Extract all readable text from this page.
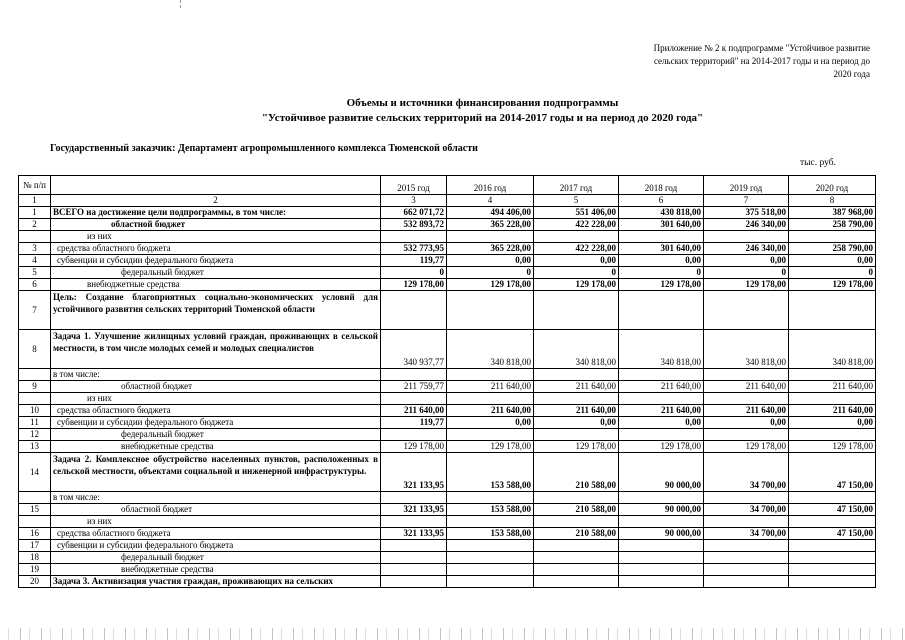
Приложение № 2 к подпрограмме "Устойчивое развитие
сельских территорий" на 2014-2017 годы и на период до
2020 года
Объемы и источники финансирования подпрограммы
"Устойчивое развитие сельских территорий на 2014-2017 годы и на период до 2020 года"
Государственный заказчик: Департамент агропромышленного комплекса Тюменской области
тыс. руб.
№ п/п		2015 год	2016 год	2017 год	2018 год	2019 год	2020 год
1	2	3	4	5	6	7	8
1	ВСЕГО на достижение цели подпрограммы, в том числе:	662 071,72	494 406,00	551 406,00	430 818,00	375 518,00	387 968,00
2	областной бюджет	532 893,72	365 228,00	422 228,00	301 640,00	246 340,00	258 790,00
	из них						
3	средства областного бюджета	532 773,95	365 228,00	422 228,00	301 640,00	246 340,00	258 790,00
4	субвенции и субсидии федерального бюджета	119,77	0,00	0,00	0,00	0,00	0,00
5	федеральный бюджет	0	0	0	0	0	0
6	внебюджетные средства	129 178,00	129 178,00	129 178,00	129 178,00	129 178,00	129 178,00
7	Цель: Создание благоприятных социально-экономических условий для устойчивого развития сельских территорий Тюменской области						
8	Задача 1. Улучшение жилищных условий граждан, проживающих в сельской местности, в том числе молодых семей и молодых специалистов	340 937,77	340 818,00	340 818,00	340 818,00	340 818,00	340 818,00
	в том числе:						
9	областной бюджет	211 759,77	211 640,00	211 640,00	211 640,00	211 640,00	211 640,00
	из них						
10	средства областного бюджета	211 640,00	211 640,00	211 640,00	211 640,00	211 640,00	211 640,00
11	субвенции и субсидии федерального бюджета	119,77	0,00	0,00	0,00	0,00	0,00
12	федеральный бюджет						
13	внебюджетные средства	129 178,00	129 178,00	129 178,00	129 178,00	129 178,00	129 178,00
14	Задача 2. Комплексное обустройство населенных пунктов, расположенных в сельской местности, объектами социальной и инженерной инфраструктуры.	321 133,95	153 588,00	210 588,00	90 000,00	34 700,00	47 150,00
	в том числе:						
15	областной бюджет	321 133,95	153 588,00	210 588,00	90 000,00	34 700,00	47 150,00
	из них						
16	средства областного бюджета	321 133,95	153 588,00	210 588,00	90 000,00	34 700,00	47 150,00
17	субвенции и субсидии федерального бюджета						
18	федеральный бюджет						
19	внебюджетные средства						
20	Задача 3. Активизация участия граждан, проживающих на сельских						
